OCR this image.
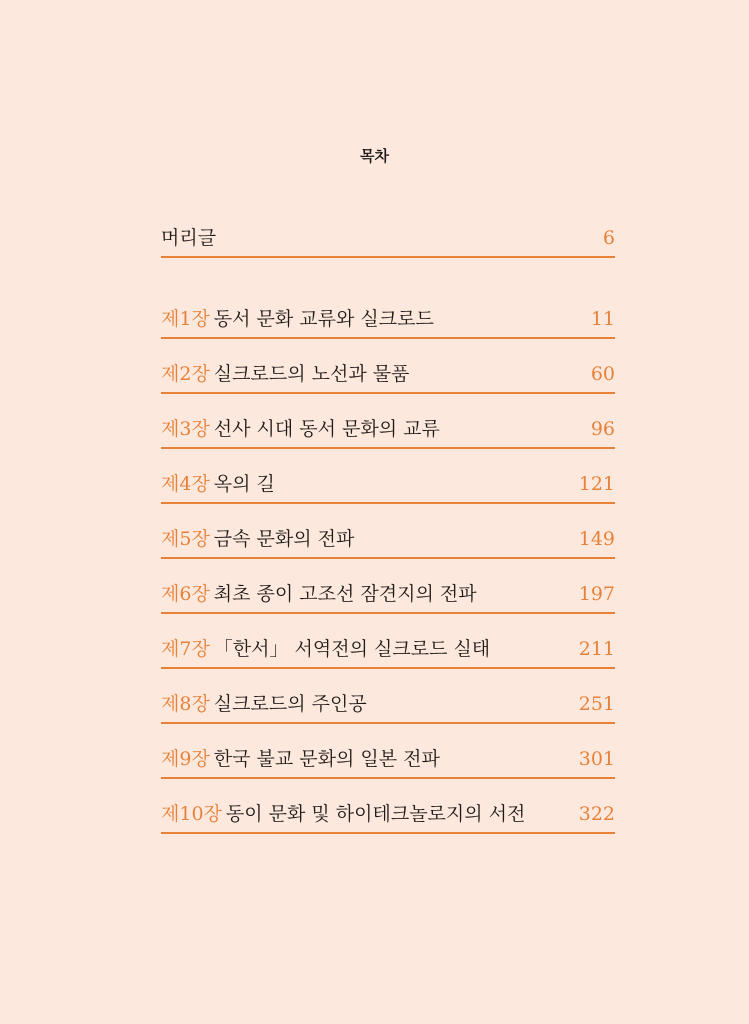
목차
머리글	6
제1장 동서 문화 교류와 실크로드	11
제2장 실크로드의 노선과 물품	60
제3장 선사 시대 동서 문화의 교류	96
제4장 옥의 길	121
제5장 금속 문화의 전파	149
제6장 최초 종이 고조선 잠견지의 전파	197
제7장 「한서」 서역전의 실크로드 실태	211
제8장 실크로드의 주인공	251
제9장 한국 불교 문화의 일본 전파	301
제10장 동이 문화 및 하이테크놀로지의 서전	322
